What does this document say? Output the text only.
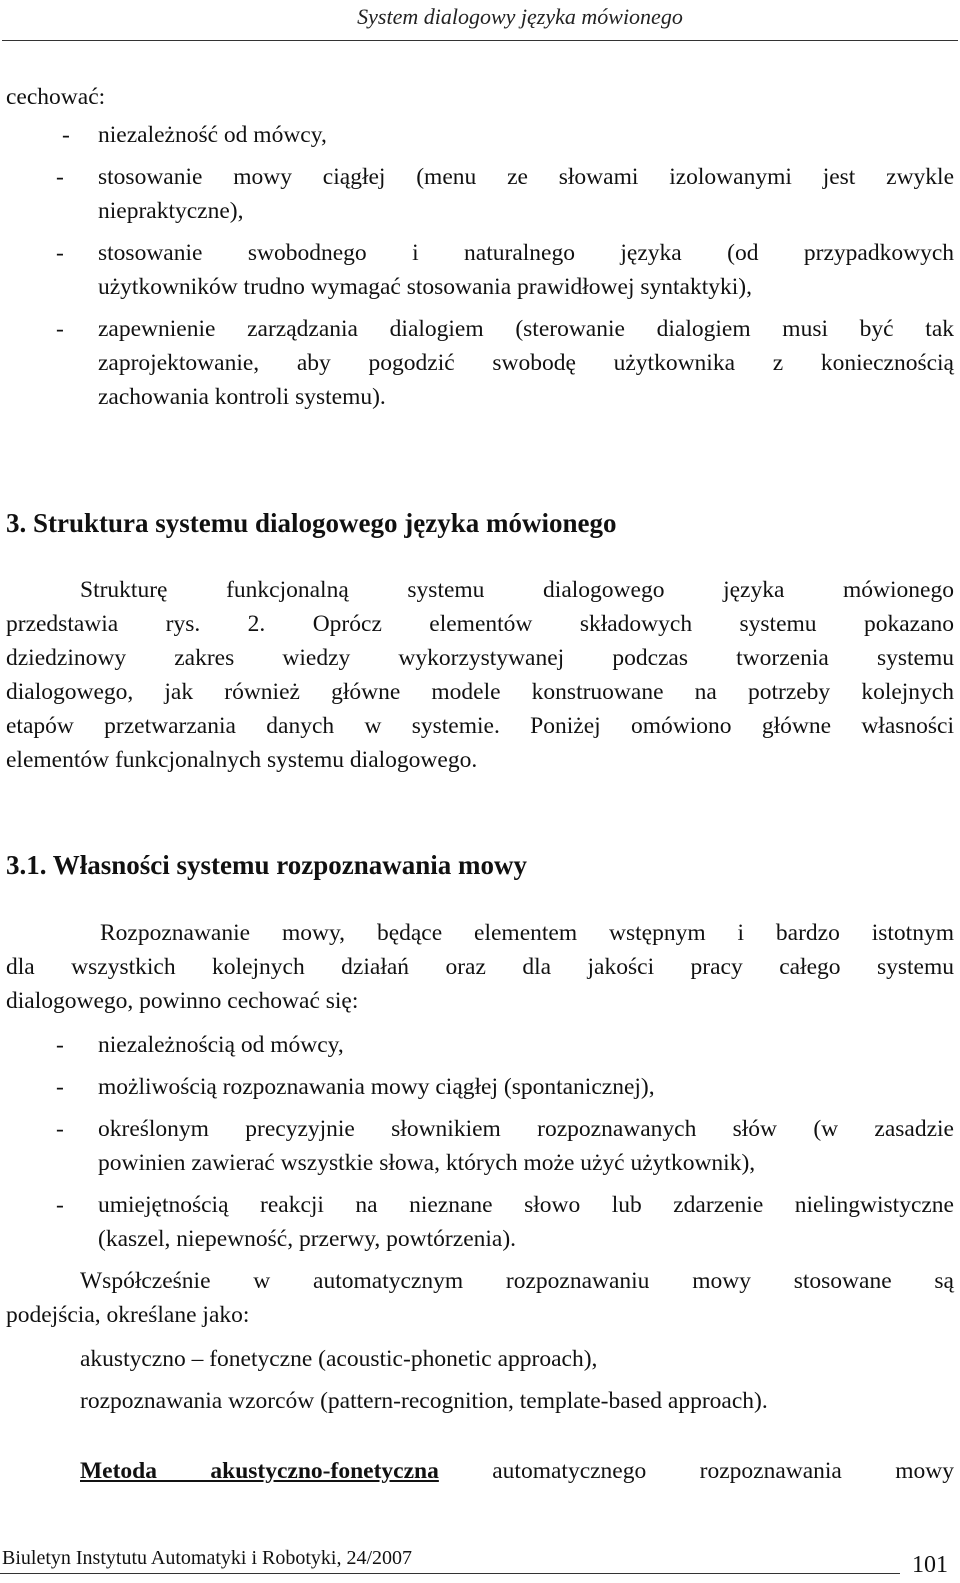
System dialogowy języka mówionego
cechować:
- niezależność od mówcy,
stosowanie mowy ciągłej (menu ze słowami izolowanymi jest zwykle
-
niepraktyczne),
stosowanie swobodnego i naturalnego języka (od przypadkowych
-
użytkowników trudno wymagać stosowania prawidłowej syntaktyki),
zapewnienie zarządzania dialogiem (sterowanie dialogiem musi być tak
-
zaprojektowanie, aby pogodzić swobodę użytkownika z koniecznością
zachowania kontroli systemu).
3. Struktura systemu dialogowego języka mówionego
Strukturę funkcjonalną systemu dialogowego języka mówionego
przedstawia rys. 2. Oprócz elementów składowych systemu pokazano
dziedzinowy zakres wiedzy wykorzystywanej podczas tworzenia systemu
dialogowego, jak również główne modele konstruowane na potrzeby kolejnych
etapów przetwarzania danych w systemie. Poniżej omówiono główne własności
elementów funkcjonalnych systemu dialogowego.
3.1. Własności systemu rozpoznawania mowy
Rozpoznawanie mowy, będące elementem wstępnym i bardzo istotnym
dla wszystkich kolejnych działań oraz dla jakości pracy całego systemu
dialogowego, powinno cechować się:
niezależnością od mówcy,
-
możliwością rozpoznawania mowy ciągłej (spontanicznej),
-
określonym precyzyjnie słownikiem rozpoznawanych słów (w zasadzie
-
powinien zawierać wszystkie słowa, których może użyć użytkownik),
umiejętnością reakcji na nieznane słowo lub zdarzenie nielingwistyczne
-
(kaszel, niepewność, przerwy, powtórzenia).
Współcześnie w automatycznym rozpoznawaniu mowy stosowane są
podejścia, określane jako:
akustyczno – fonetyczne (acoustic-phonetic approach),
rozpoznawania wzorców (pattern-recognition, template-based approach).
Metoda akustyczno-fonetyczna automatycznego rozpoznawania mowy
Biuletyn Instytutu Automatyki i Robotyki, 24/2007	101
